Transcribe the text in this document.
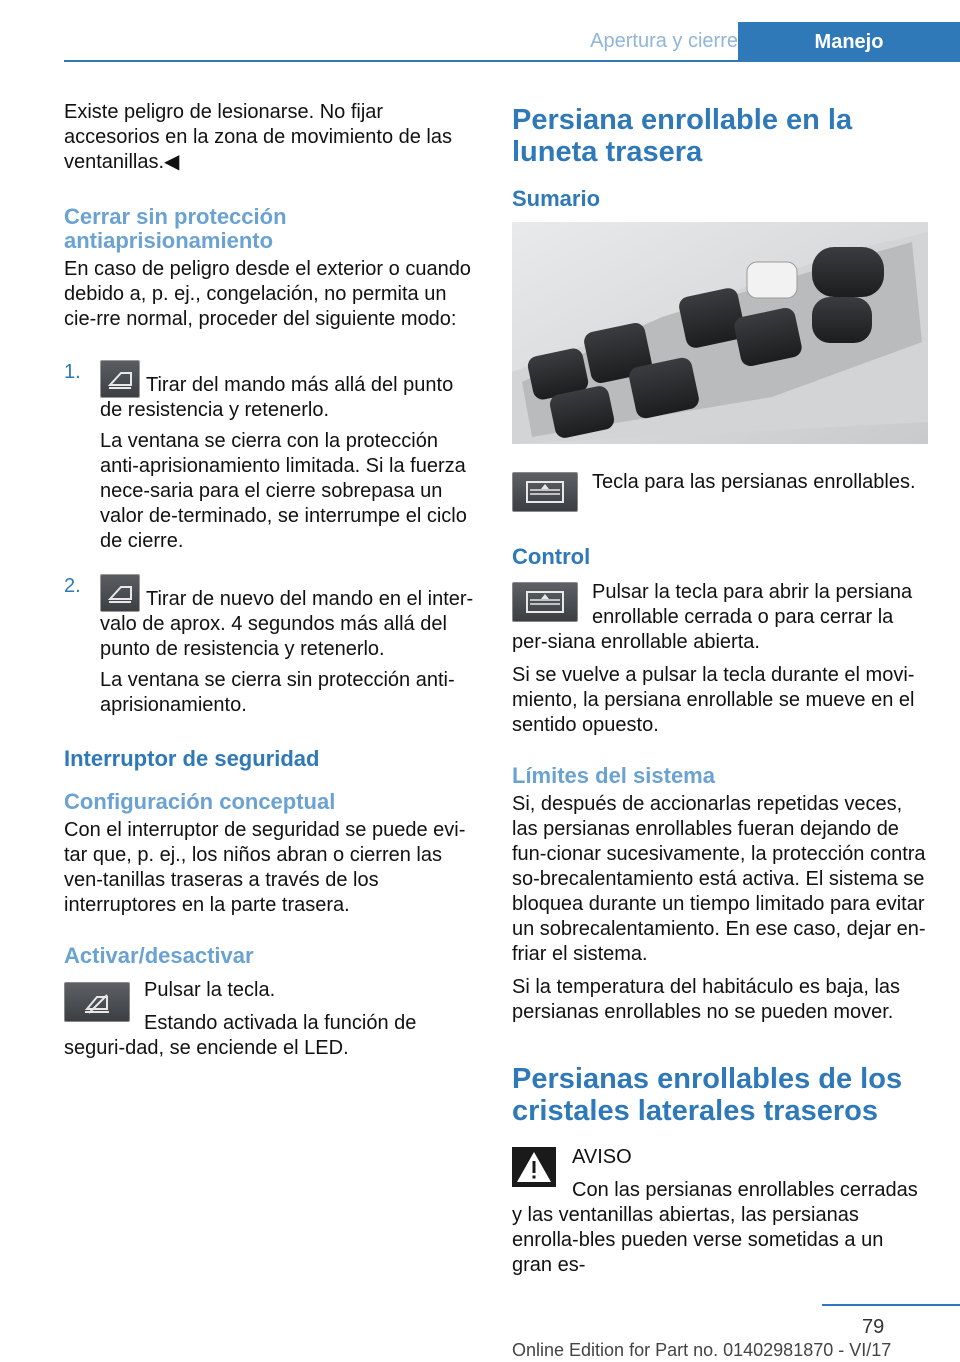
Apertura y cierre	Manejo

Existe peligro de lesionarse. No fijar accesorios en la zona de movimiento de las ventanillas.◀

Cerrar sin protección antiaprisionamiento

En caso de peligro desde el exterior o cuando debido a, p. ej., congelación, no permita un cie‐rre normal, proceder del siguiente modo:

1.

Tirar del mando más allá del punto de resistencia y retenerlo.

La ventana se cierra con la protección anti‐aprisionamiento limitada. Si la fuerza nece‐saria para el cierre sobrepasa un valor de‐terminado, se interrumpe el ciclo de cierre.

2.

Tirar de nuevo del mando en el inter‐valo de aprox. 4 segundos más allá del punto de resistencia y retenerlo.

La ventana se cierra sin protección anti‐aprisionamiento.

Interruptor de seguridad
Configuración conceptual

Con el interruptor de seguridad se puede evi‐tar que, p. ej., los niños abran o cierren las ven‐tanillas traseras a través de los interruptores en la parte trasera.

Activar/desactivar

Pulsar la tecla.

Estando activada la función de seguri‐dad, se enciende el LED.

Persiana enrollable en la luneta trasera
Sumario

Tecla para las persianas enrollables.

Control

Pulsar la tecla para abrir la persiana enrollable cerrada o para cerrar la per‐siana enrollable abierta.

Si se vuelve a pulsar la tecla durante el movi‐miento, la persiana enrollable se mueve en el sentido opuesto.

Límites del sistema

Si, después de accionarlas repetidas veces, las persianas enrollables fueran dejando de fun‐cionar sucesivamente, la protección contra so‐brecalentamiento está activa. El sistema se bloquea durante un tiempo limitado para evitar un sobrecalentamiento. En ese caso, dejar en‐friar el sistema.

Si la temperatura del habitáculo es baja, las persianas enrollables no se pueden mover.

Persianas enrollables de los cristales laterales traseros

AVISO

Con las persianas enrollables cerradas y las ventanillas abiertas, las persianas enrolla‐bles pueden verse sometidas a un gran es‐

79
Online Edition for Part no. 01402981870 - VI/17
